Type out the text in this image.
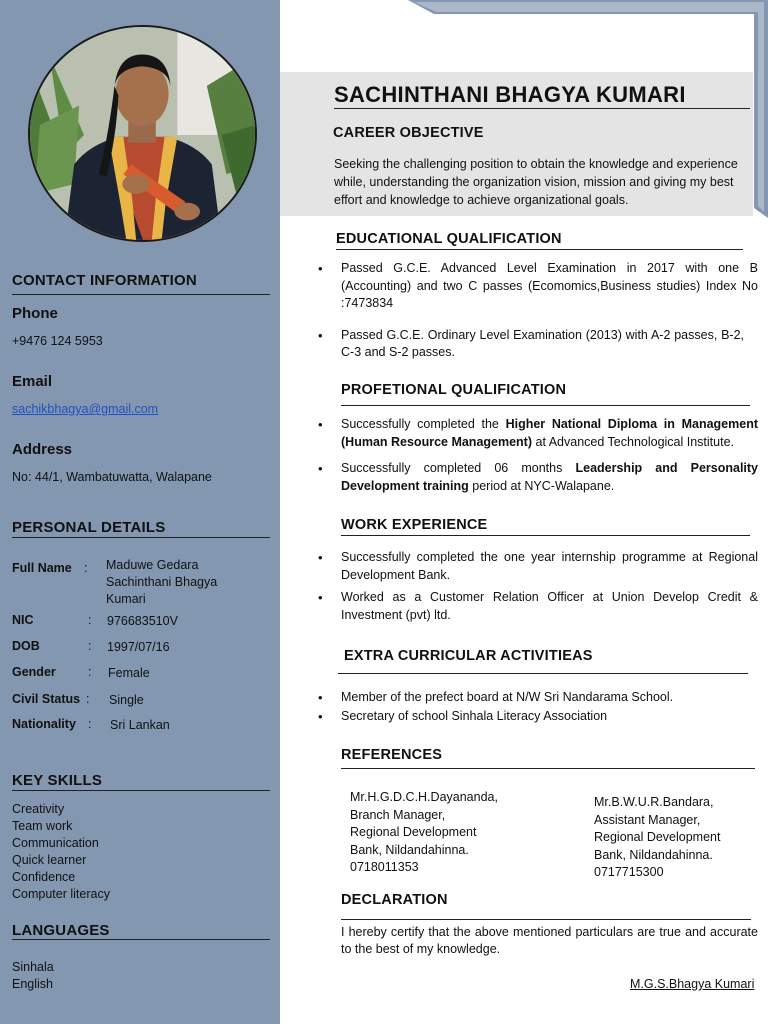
CONTACT INFORMATION
Phone
+9476 124 5953
Email
sachikbhagya@gmail.com
Address
No: 44/1, Wambatuwatta, Walapane
PERSONAL DETAILS
Full Name : Maduwe Gedara Sachinthani Bhagya Kumari
NIC	: 976683510V
DOB	: 1997/07/16
Gender	: Female
Civil Status : Single
Nationality : Sri Lankan
KEY SKILLS
Creativity
Team work
Communication
Quick learner
Confidence
Computer literacy
LANGUAGES
Sinhala
English
SACHINTHANI BHAGYA KUMARI
CAREER OBJECTIVE
Seeking the challenging position to obtain the knowledge and experience while, understanding the organization vision, mission and giving my best effort and knowledge to achieve organizational goals.
EDUCATIONAL QUALIFICATION
• Passed G.C.E. Advanced Level Examination in 2017 with one B (Accounting) and two C passes (Ecomomics,Business studies) Index No :7473834
• Passed G.C.E. Ordinary Level Examination (2013) with A-2 passes, B-2, C-3 and S-2 passes.
PROFETIONAL QUALIFICATION
• Successfully completed the Higher National Diploma in Management (Human Resource Management) at Advanced Technological Institute.
• Successfully completed 06 months Leadership and Personality Development training period at NYC-Walapane.
WORK EXPERIENCE
• Successfully completed the one year internship programme at Regional Development Bank.
• Worked as a Customer Relation Officer at Union Develop Credit & Investment (pvt) ltd.
EXTRA CURRICULAR ACTIVITIEAS
• Member of the prefect board at N/W Sri Nandarama School.
• Secretary of school Sinhala Literacy Association
REFERENCES
Mr.H.G.D.C.H.Dayananda,
Branch Manager,
Regional Development
Bank, Nildandahinna.
0718011353
Mr.B.W.U.R.Bandara,
Assistant Manager,
Regional Development
Bank, Nildandahinna.
0717715300
DECLARATION
I hereby certify that the above mentioned particulars are true and accurate to the best of my knowledge.
M.G.S.Bhagya Kumari
